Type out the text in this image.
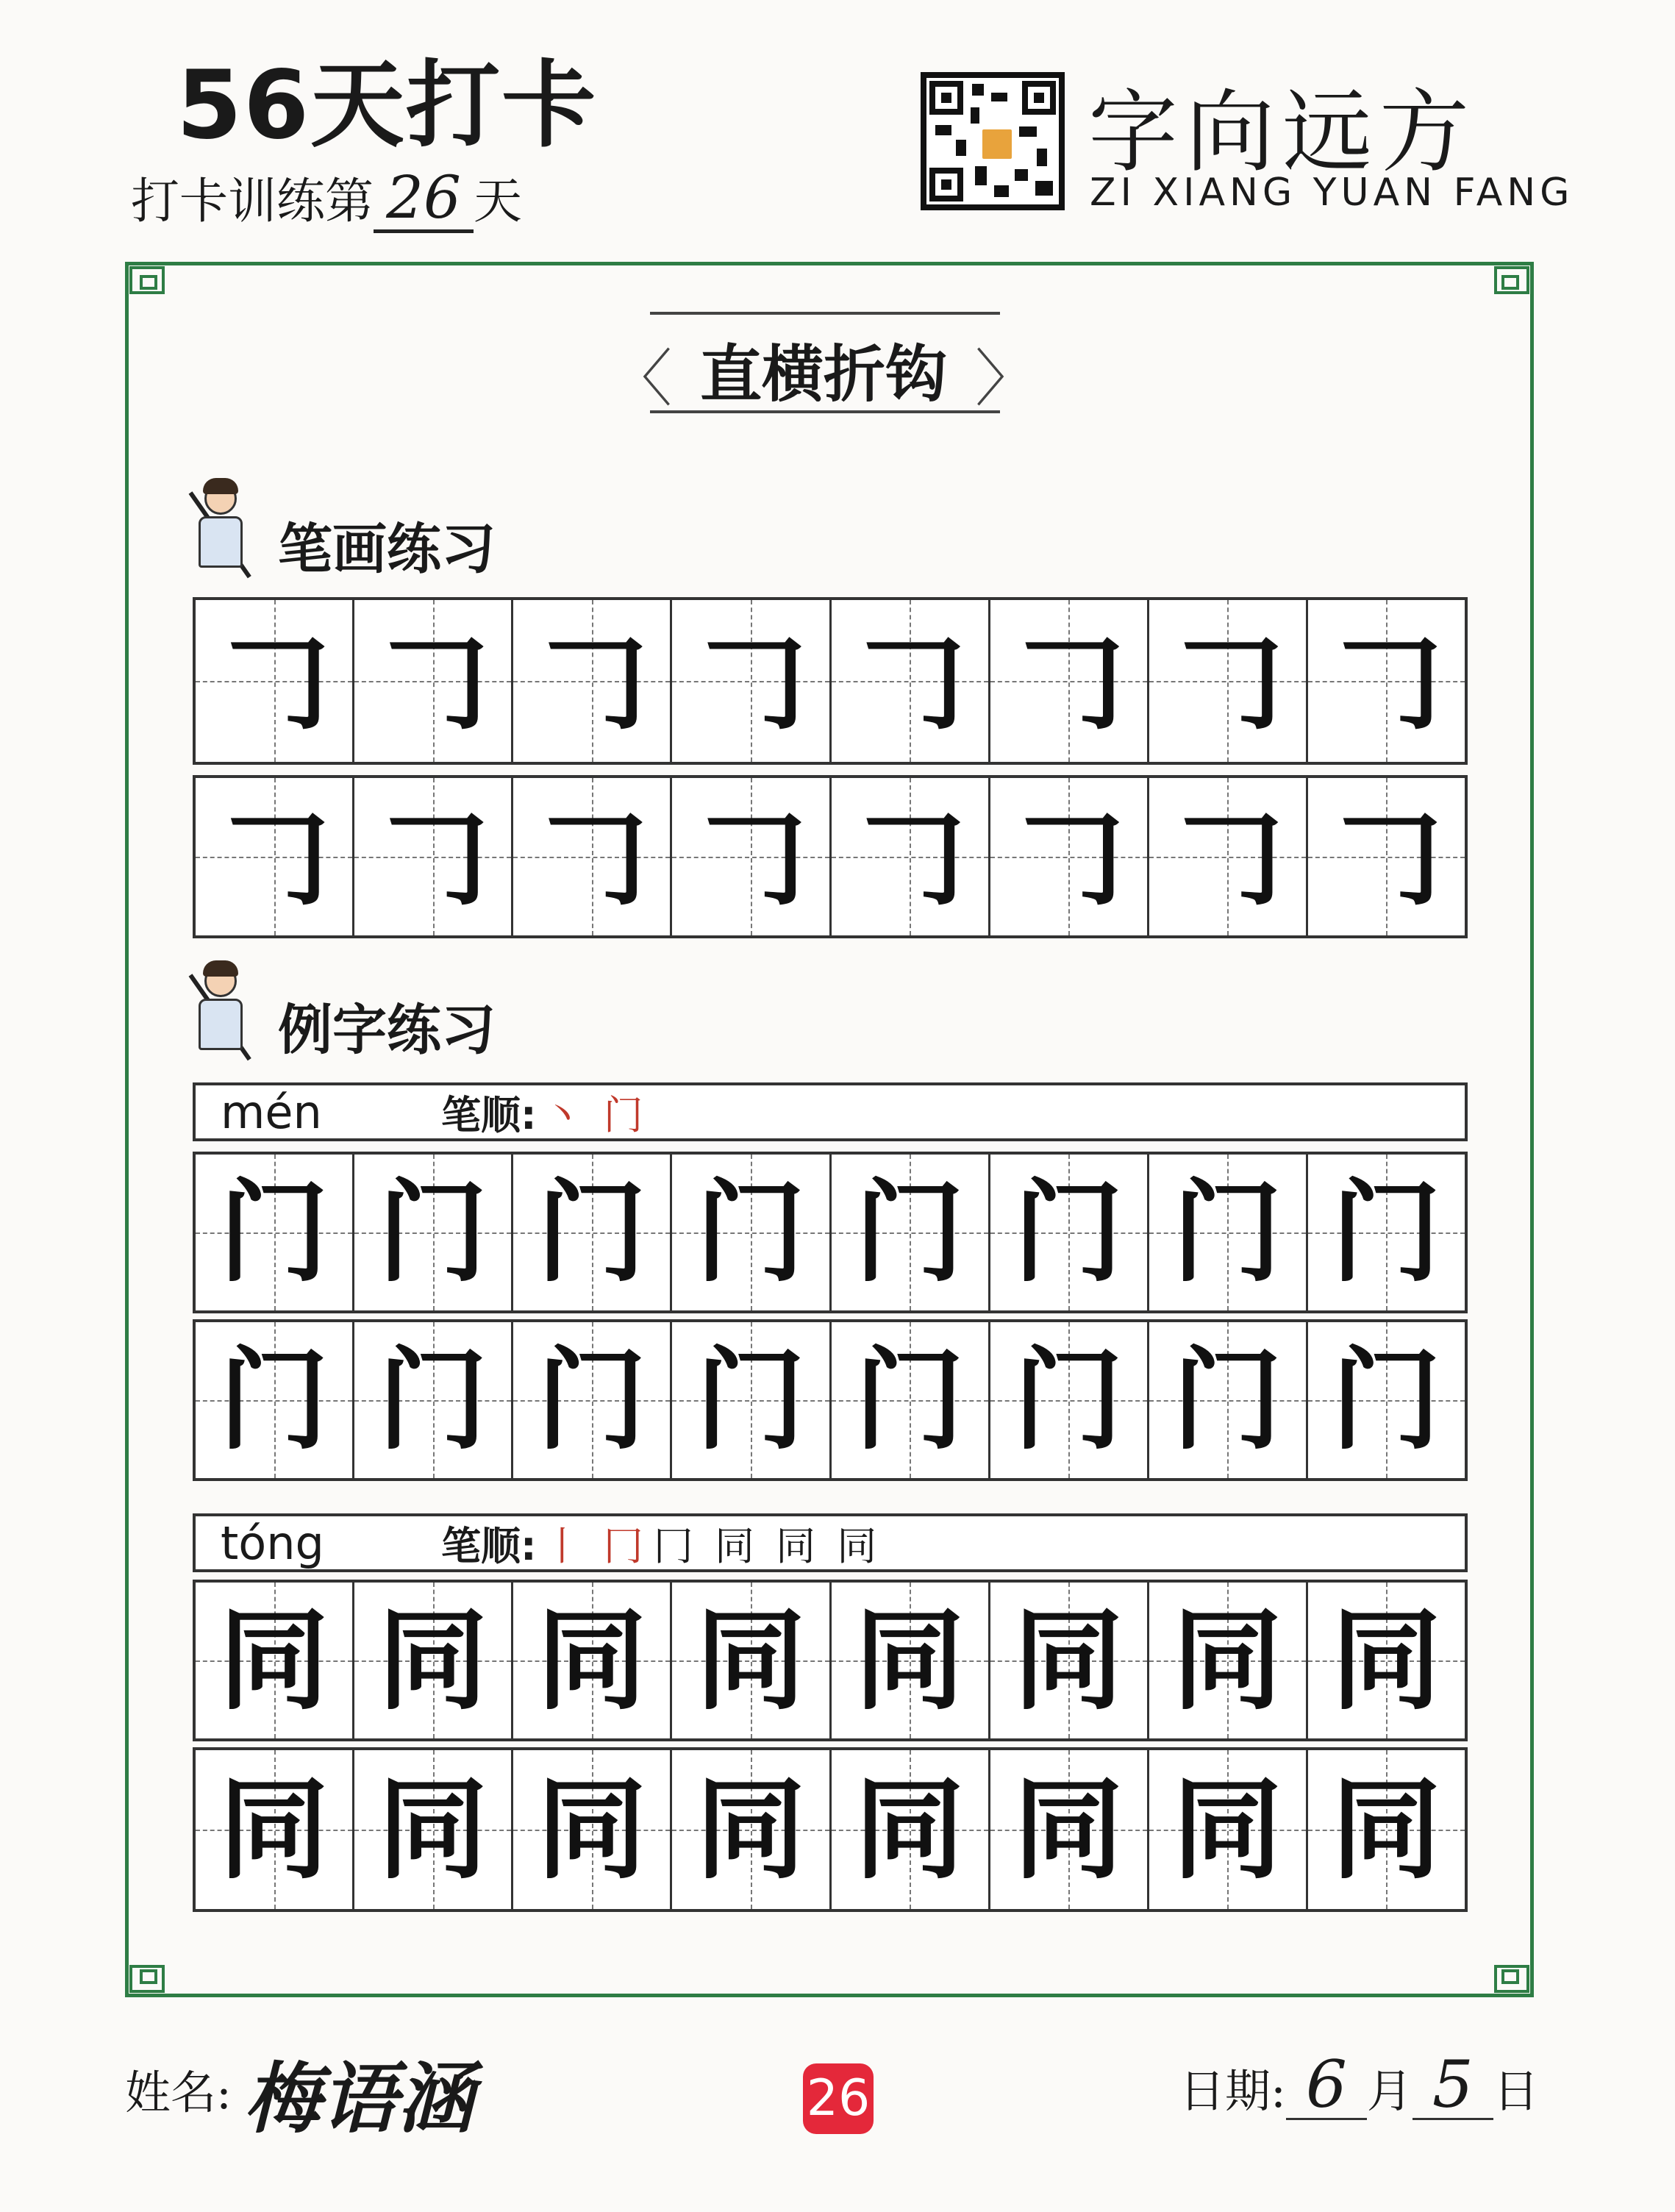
56天打卡
打卡训练第 26 天
字向远方
ZI XIANG YUAN FANG
〈	〉
直横折钩
笔画练习
𠃌 𠃌 𠃌 𠃌 𠃌 𠃌 𠃌 𠃌
𠃌 𠃌 𠃌 𠃌 𠃌 𠃌 𠃌 𠃌
例字练习
mén	笔顺: 丶 门
门 门 门 门 门 门 门 门
门 门 门 门 门 门 门 门
tóng	笔顺: 丨 冂 冂 同 同 同
同 同 同 同 同 同 同 同
同 同 同 同 同 同 同 同
姓名: 梅语涵	26	日期: 6 月 5 日
